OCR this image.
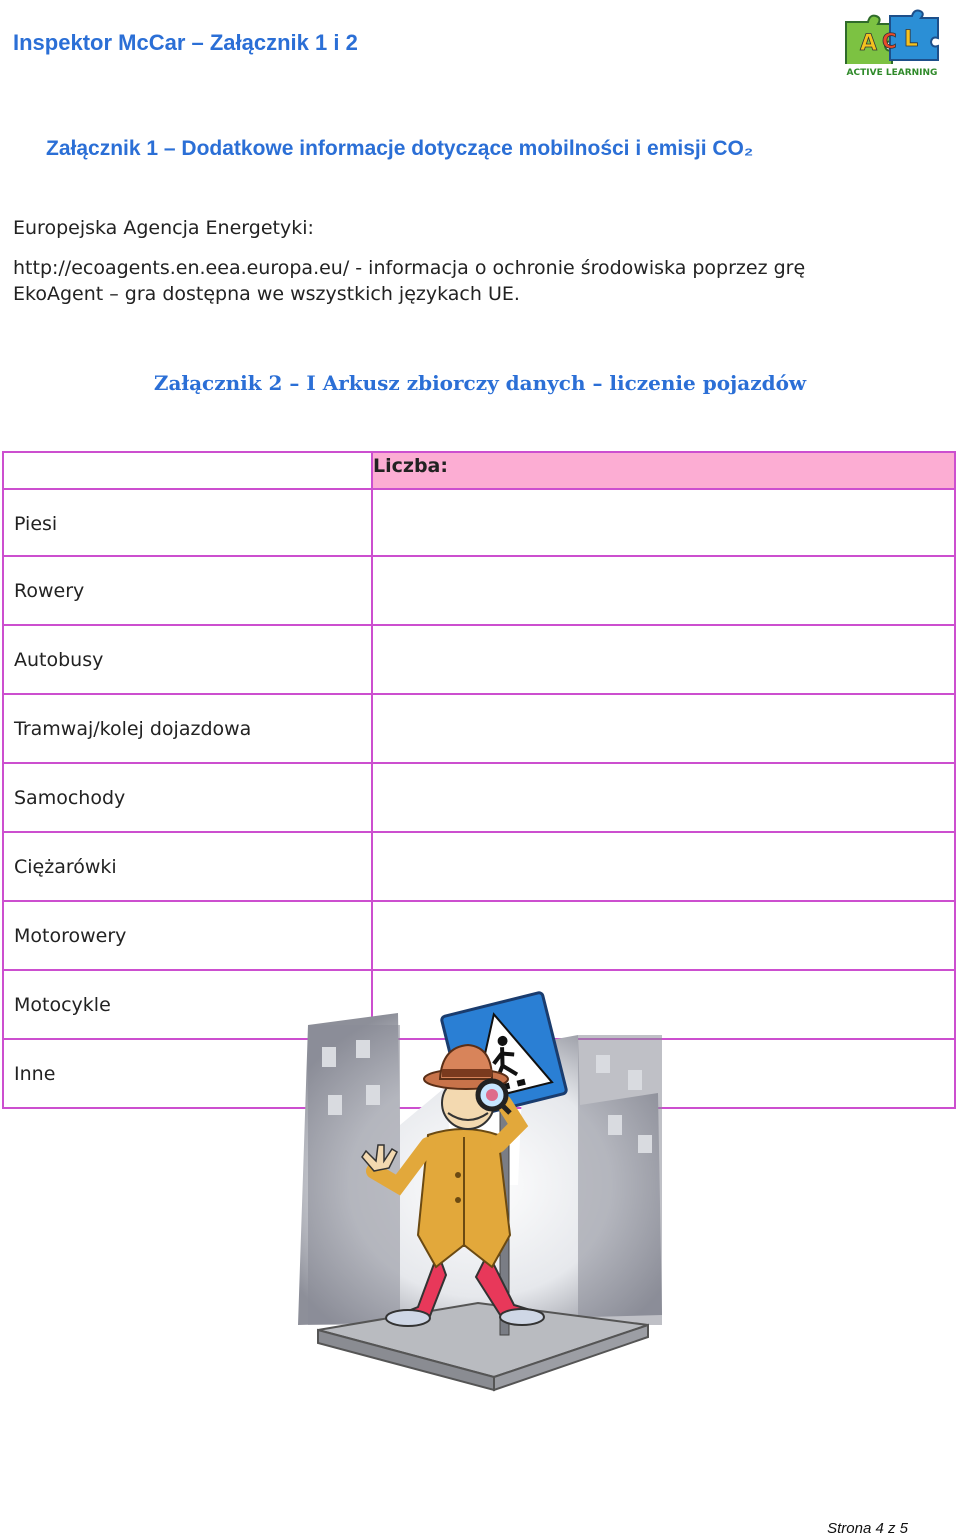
Inspektor McCar – Załącznik 1 i 2	A C L
ACTIVE LEARNING
Załącznik 1 – Dodatkowe informacje dotyczące mobilności i emisji CO₂
Europejska Agencja Energetyki:
http://ecoagents.en.eea.europa.eu/ - informacja o ochronie środowiska poprzez grę
EkoAgent – gra dostępna we wszystkich językach UE.
Załącznik 2 – I Arkusz zbiorczy danych – liczenie pojazdów
	Liczba:
Piesi	
Rowery	
Autobusy	
Tramwaj/kolej dojazdowa	
Samochody	
Ciężarówki	
Motorowery	
Motocykle	
Inne	
Strona 4 z 5
